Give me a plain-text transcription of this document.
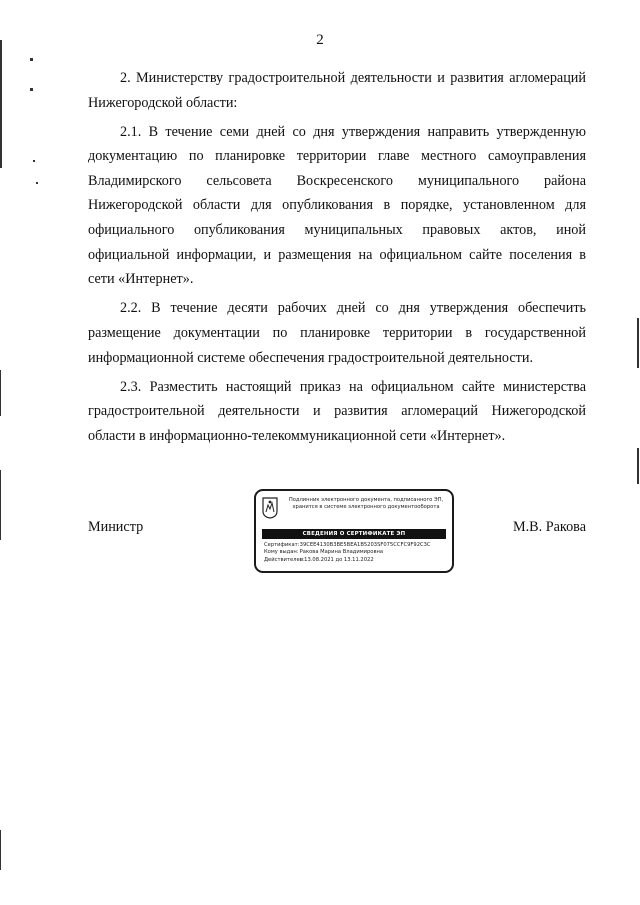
2

2. Министерству градостроительной деятельности и развития агломераций Нижегородской области:

2.1. В течение семи дней со дня утверждения направить утвержденную документацию по планировке территории главе местного самоуправления Владимирского сельсовета Воскресенского муниципального района Нижегородской области для опубликования в порядке, установленном для официального опубликования муниципальных правовых актов, иной официальной информации, и размещения на официальном сайте поселения в сети «Интернет».

2.2. В течение десяти рабочих дней со дня утверждения обеспечить размещение документации по планировке территории в государственной информационной системе обеспечения градостроительной деятельности.

2.3. Разместить настоящий приказ на официальном сайте министерства градостроительной деятельности и развития агломераций Нижегородской области в информационно-телекоммуникационной сети «Интернет».

Министр
Подлинник электронного документа, подписанного ЭП, хранится в системе электронного документооборота
СВЕДЕНИЯ О СЕРТИФИКАТЕ ЭП
Сертификат: 39CEE4130B3BE5BEA1B5203SF075CCFC9F92C3C
Кому выдан: Ракова Марина Владимировна
Действителен: с 13.08.2021 до 13.11.2022
М.В. Ракова
